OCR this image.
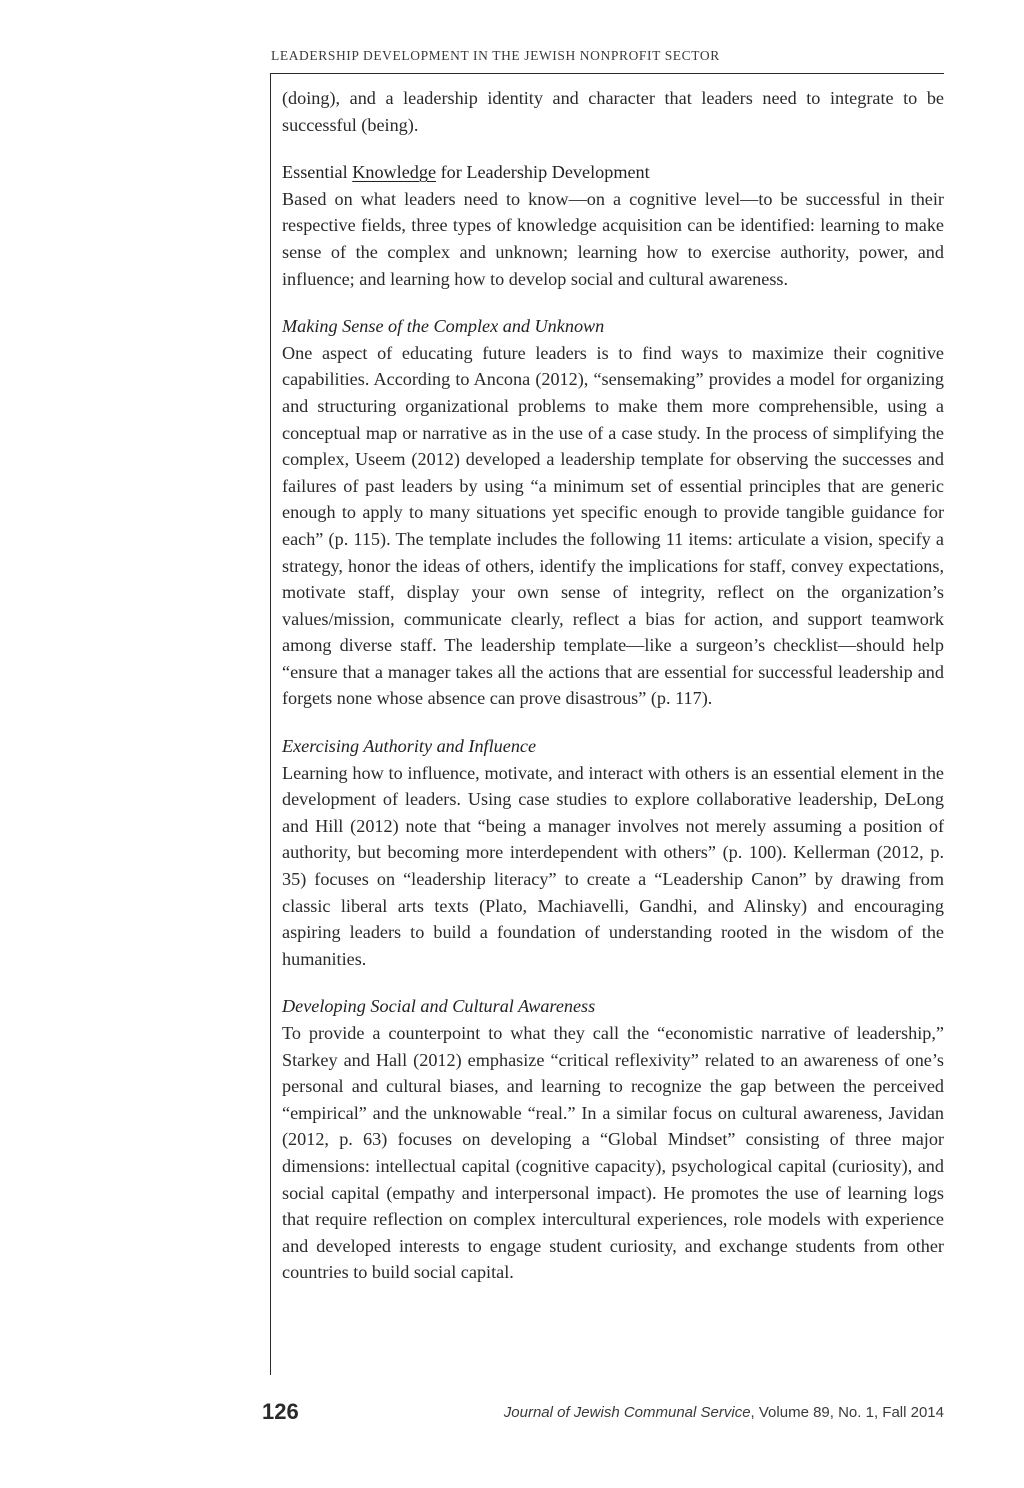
LEADERSHIP DEVELOPMENT IN THE JEWISH NONPROFIT SECTOR

(doing), and a leadership identity and character that leaders need to integrate to be successful (being).

Essential Knowledge for Leadership Development

Based on what leaders need to know—on a cognitive level—to be successful in their respective fields, three types of knowledge acquisition can be identified: learning to make sense of the complex and unknown; learning how to exercise authority, power, and influence; and learning how to develop social and cultural awareness.

Making Sense of the Complex and Unknown

One aspect of educating future leaders is to find ways to maximize their cognitive capabilities. According to Ancona (2012), “sensemaking” provides a model for organizing and structuring organizational problems to make them more comprehensible, using a conceptual map or narrative as in the use of a case study. In the process of simplifying the complex, Useem (2012) developed a leadership template for observing the successes and failures of past leaders by using “a minimum set of essential principles that are generic enough to apply to many situations yet specific enough to provide tangible guidance for each” (p. 115). The template includes the following 11 items: articulate a vision, specify a strategy, honor the ideas of others, identify the implications for staff, convey expectations, motivate staff, display your own sense of integrity, reflect on the organization’s values/mission, communicate clearly, reflect a bias for action, and support teamwork among diverse staff. The leadership template—like a surgeon’s checklist—should help “ensure that a manager takes all the actions that are essential for successful leadership and forgets none whose absence can prove disastrous” (p. 117).

Exercising Authority and Influence

Learning how to influence, motivate, and interact with others is an essential element in the development of leaders. Using case studies to explore collaborative leadership, DeLong and Hill (2012) note that “being a manager involves not merely assuming a position of authority, but becoming more interdependent with others” (p. 100). Kellerman (2012, p. 35) focuses on “leadership literacy” to create a “Leadership Canon” by drawing from classic liberal arts texts (Plato, Machiavelli, Gandhi, and Alinsky) and encouraging aspiring leaders to build a foundation of understanding rooted in the wisdom of the humanities.

Developing Social and Cultural Awareness

To provide a counterpoint to what they call the “economistic narrative of leadership,” Starkey and Hall (2012) emphasize “critical reflexivity” related to an awareness of one’s personal and cultural biases, and learning to recognize the gap between the perceived “empirical” and the unknowable “real.” In a similar focus on cultural awareness, Javidan (2012, p. 63) focuses on developing a “Global Mindset” consisting of three major dimensions: intellectual capital (cognitive capacity), psychological capital (curiosity), and social capital (empathy and interpersonal impact). He promotes the use of learning logs that require reflection on complex intercultural experiences, role models with experience and developed interests to engage student curiosity, and exchange students from other countries to build social capital.

126	Journal of Jewish Communal Service, Volume 89, No. 1, Fall 2014
